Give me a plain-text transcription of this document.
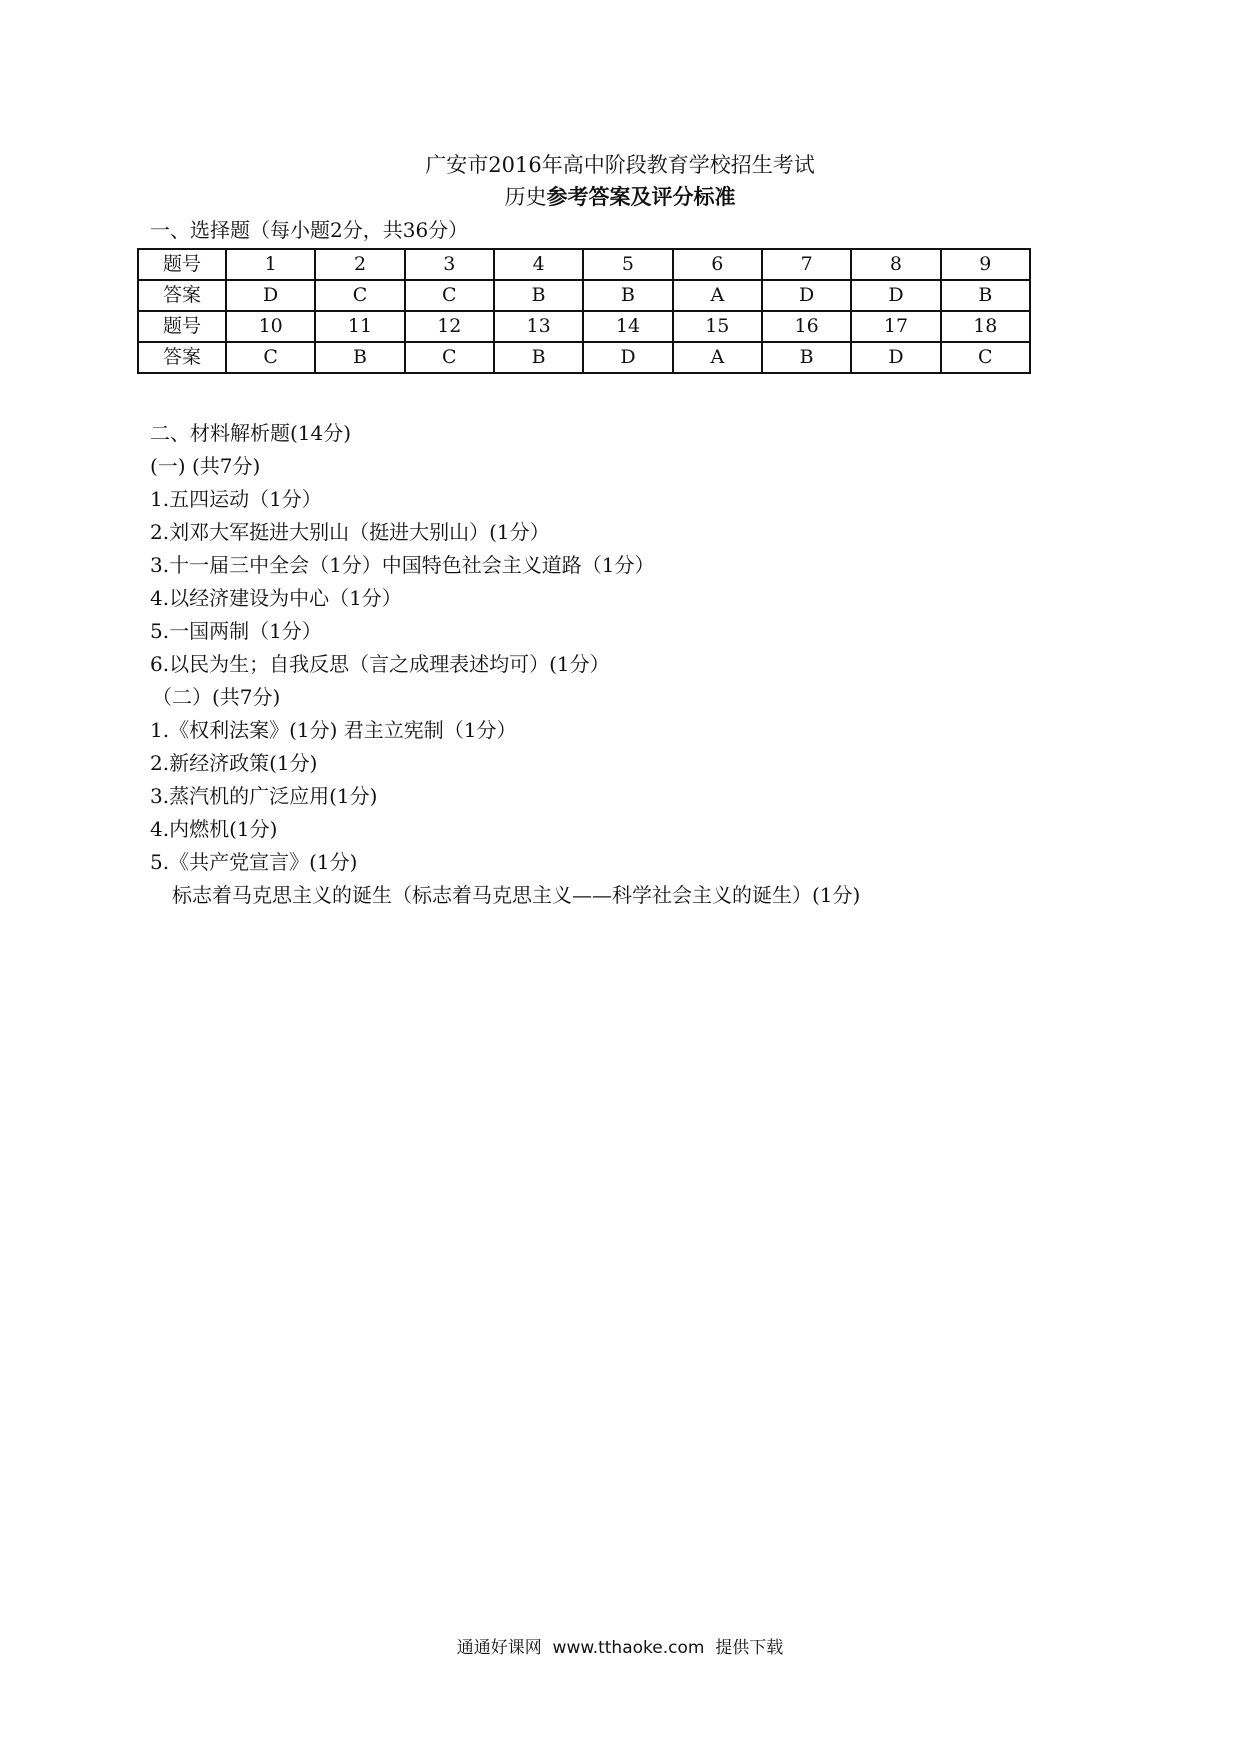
广安市2016年高中阶段教育学校招生考试
历史参考答案及评分标准
一、选择题（每小题2分，共36分）
题号	1	2	3	4	5	6	7	8	9
答案	D	C	C	B	B	A	D	D	B
题号	10	11	12	13	14	15	16	17	18
答案	C	B	C	B	D	A	B	D	C
二、材料解析题(14分)
(一) (共7分)
1.五四运动（1分）
2.刘邓大军挺进大别山（挺进大别山）(1分）
3.十一届三中全会（1分）中国特色社会主义道路（1分）
4.以经济建设为中心（1分）
5.一国两制（1分）
6.以民为生；自我反思（言之成理表述均可）(1分）
（二）(共7分)
1.《权利法案》(1分) 君主立宪制（1分）
2.新经济政策(1分)
3.蒸汽机的广泛应用(1分)
4.内燃机(1分)
5.《共产党宣言》(1分)
标志着马克思主义的诞生（标志着马克思主义——科学社会主义的诞生）(1分)
通通好课网  www.tthaoke.com  提供下载
